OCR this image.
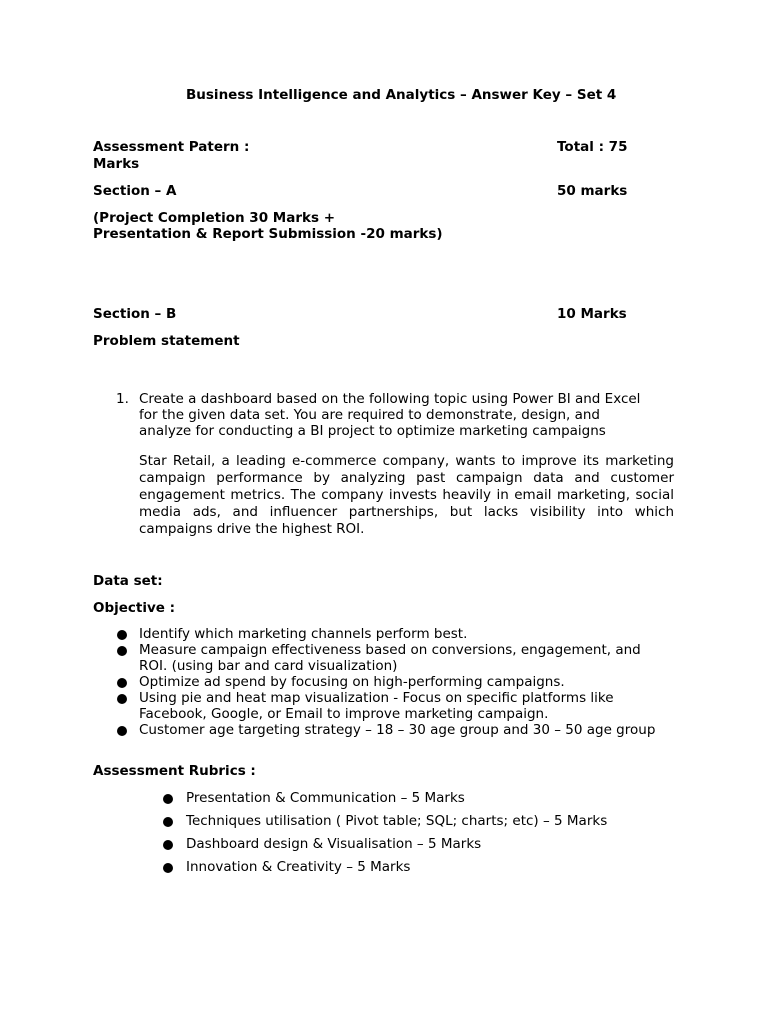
Business Intelligence and Analytics – Answer Key – Set 4
Assessment Patern :	Total : 75
Marks
Section – A	50 marks
(Project Completion 30 Marks +
Presentation & Report Submission -20 marks)
Section – B	10 Marks
Problem statement
1. Create a dashboard based on the following topic using Power BI and Excel
for the given data set. You are required to demonstrate, design, and
analyze for conducting a BI project to optimize marketing campaigns
Star Retail, a leading e-commerce company, wants to improve its marketing campaign performance by analyzing past campaign data and customer engagement metrics. The company invests heavily in email marketing, social media ads, and influencer partnerships, but lacks visibility into which campaigns drive the highest ROI.
Data set:
Objective :
Identify which marketing channels perform best.
Measure campaign effectiveness based on conversions, engagement, and ROI. (using bar and card visualization)
Optimize ad spend by focusing on high-performing campaigns.
Using pie and heat map visualization - Focus on specific platforms like Facebook, Google, or Email to improve marketing campaign.
Customer age targeting strategy – 18 – 30 age group and 30 – 50 age group
Assessment Rubrics :
Presentation & Communication – 5 Marks
Techniques utilisation ( Pivot table; SQL; charts; etc) – 5 Marks
Dashboard design & Visualisation – 5 Marks
Innovation & Creativity – 5 Marks
